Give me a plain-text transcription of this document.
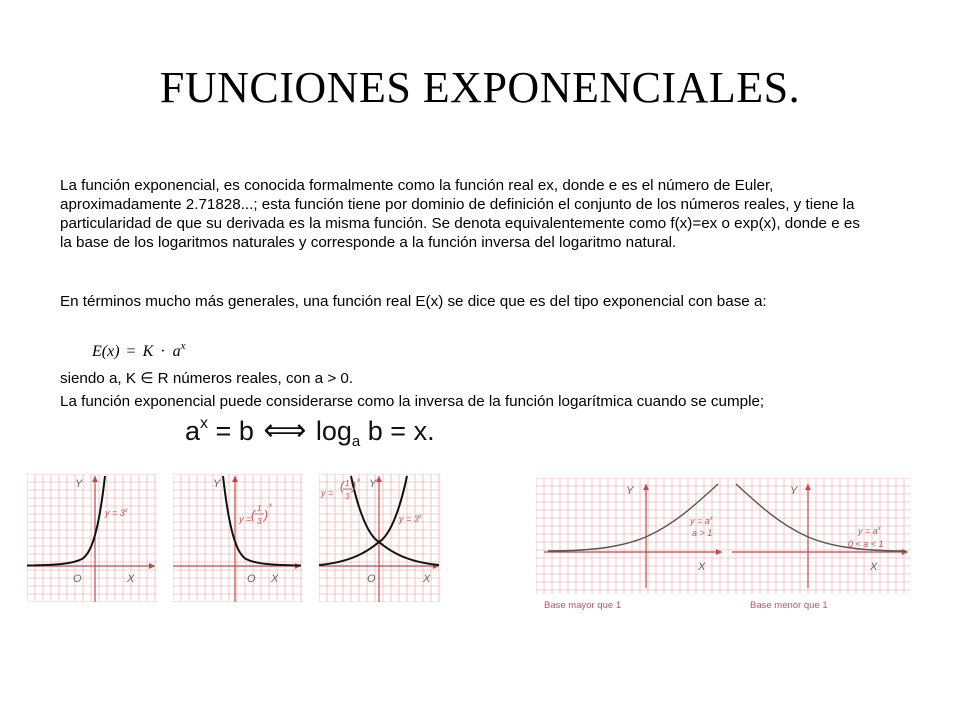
FUNCIONES EXPONENCIALES.

La función exponencial, es conocida formalmente como la función real ex, donde e es el número de Euler, aproximadamente 2.71828...; esta función tiene por dominio de definición el conjunto de los números reales, y tiene la particularidad de que su derivada es la misma función. Se denota equivalentemente como f(x)=ex o exp(x), donde e es la base de los logaritmos naturales y corresponde a la función inversa del logaritmo natural.

En términos mucho más generales, una función real E(x) se dice que es del tipo exponencial con base a:

$E(x) = K \cdot a^x$

siendo a, K ∈ R números reales, con a > 0.

La función exponencial puede considerarse como la inversa de la función logarítmica cuando se cumple;

$a^x = b$ ⟺ $\log_a b = x$.
Y
X
O
$y = 3^x$
Y
X
O
y =
1
3
( )
x
Y
X
O
y = ( 1
3
) x
$y = 3^x$
Y
X
$y = a^x$
a > 1
Base mayor que 1
Y
X
$y = a^x$
0 < a < 1
Base menor que 1
